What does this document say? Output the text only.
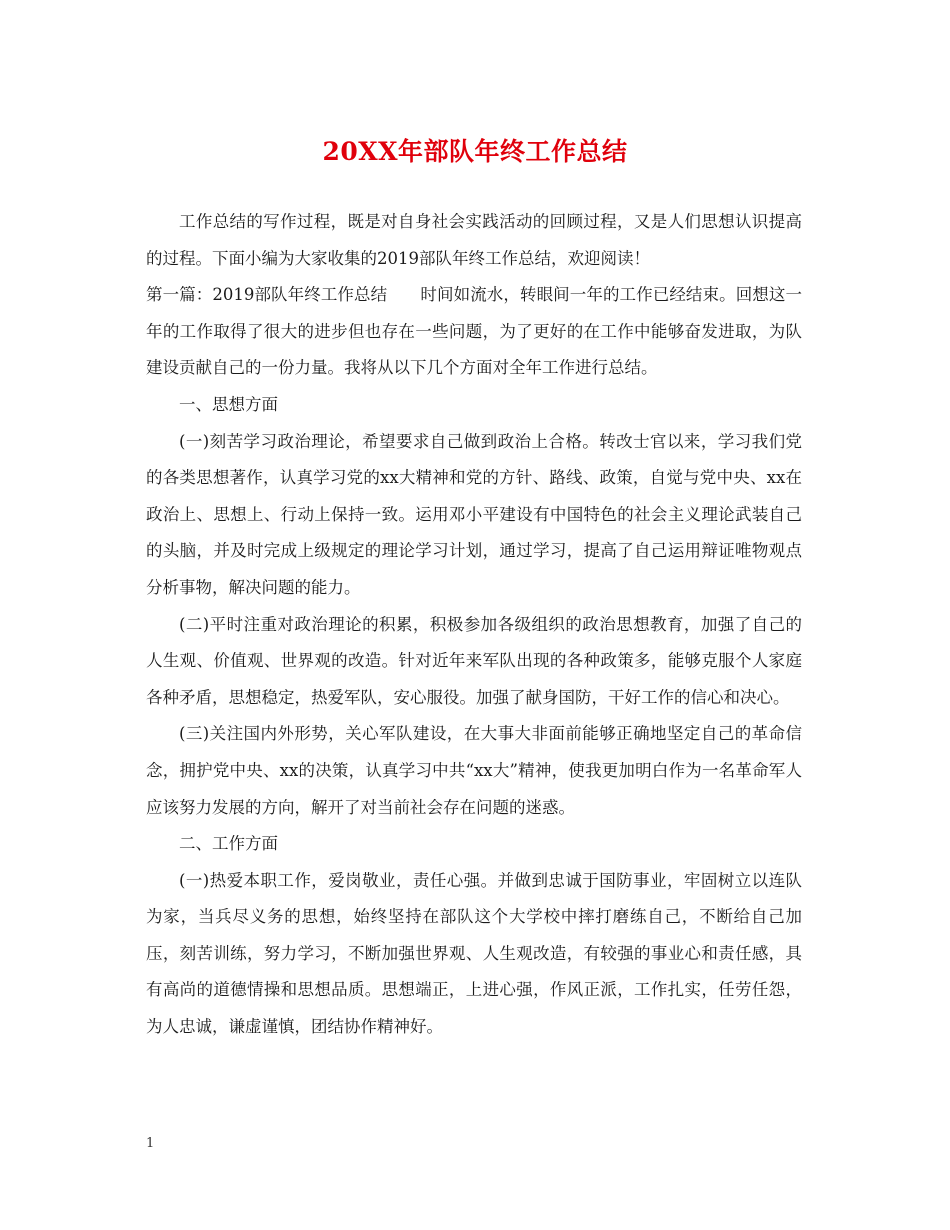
20XX年部队年终工作总结

工作总结的写作过程，既是对自身社会实践活动的回顾过程，又是人们思想认识提高的过程。下面小编为大家收集的2019部队年终工作总结，欢迎阅读！

第一篇：2019部队年终工作总结　　时间如流水，转眼间一年的工作已经结束。回想这一年的工作取得了很大的进步但也存在一些问题，为了更好的在工作中能够奋发进取，为队建设贡献自己的一份力量。我将从以下几个方面对全年工作进行总结。

一、思想方面

(一)刻苦学习政治理论，希望要求自己做到政治上合格。转改士官以来，学习我们党的各类思想著作，认真学习党的xx大精神和党的方针、路线、政策，自觉与党中央、xx在政治上、思想上、行动上保持一致。运用邓小平建设有中国特色的社会主义理论武装自己的头脑，并及时完成上级规定的理论学习计划，通过学习，提高了自己运用辩证唯物观点分析事物，解决问题的能力。

(二)平时注重对政治理论的积累，积极参加各级组织的政治思想教育，加强了自己的人生观、价值观、世界观的改造。针对近年来军队出现的各种政策多，能够克服个人家庭各种矛盾，思想稳定，热爱军队，安心服役。加强了献身国防，干好工作的信心和决心。

(三)关注国内外形势，关心军队建设，在大事大非面前能够正确地坚定自己的革命信念，拥护党中央、xx的决策，认真学习中共“xx大”精神，使我更加明白作为一名革命军人应该努力发展的方向，解开了对当前社会存在问题的迷惑。

二、工作方面

(一)热爱本职工作，爱岗敬业，责任心强。并做到忠诚于国防事业，牢固树立以连队为家，当兵尽义务的思想，始终坚持在部队这个大学校中摔打磨练自己，不断给自己加压，刻苦训练，努力学习，不断加强世界观、人生观改造，有较强的事业心和责任感，具有高尚的道德情操和思想品质。思想端正，上进心强，作风正派，工作扎实，任劳任怨，为人忠诚，谦虚谨慎，团结协作精神好。

1
